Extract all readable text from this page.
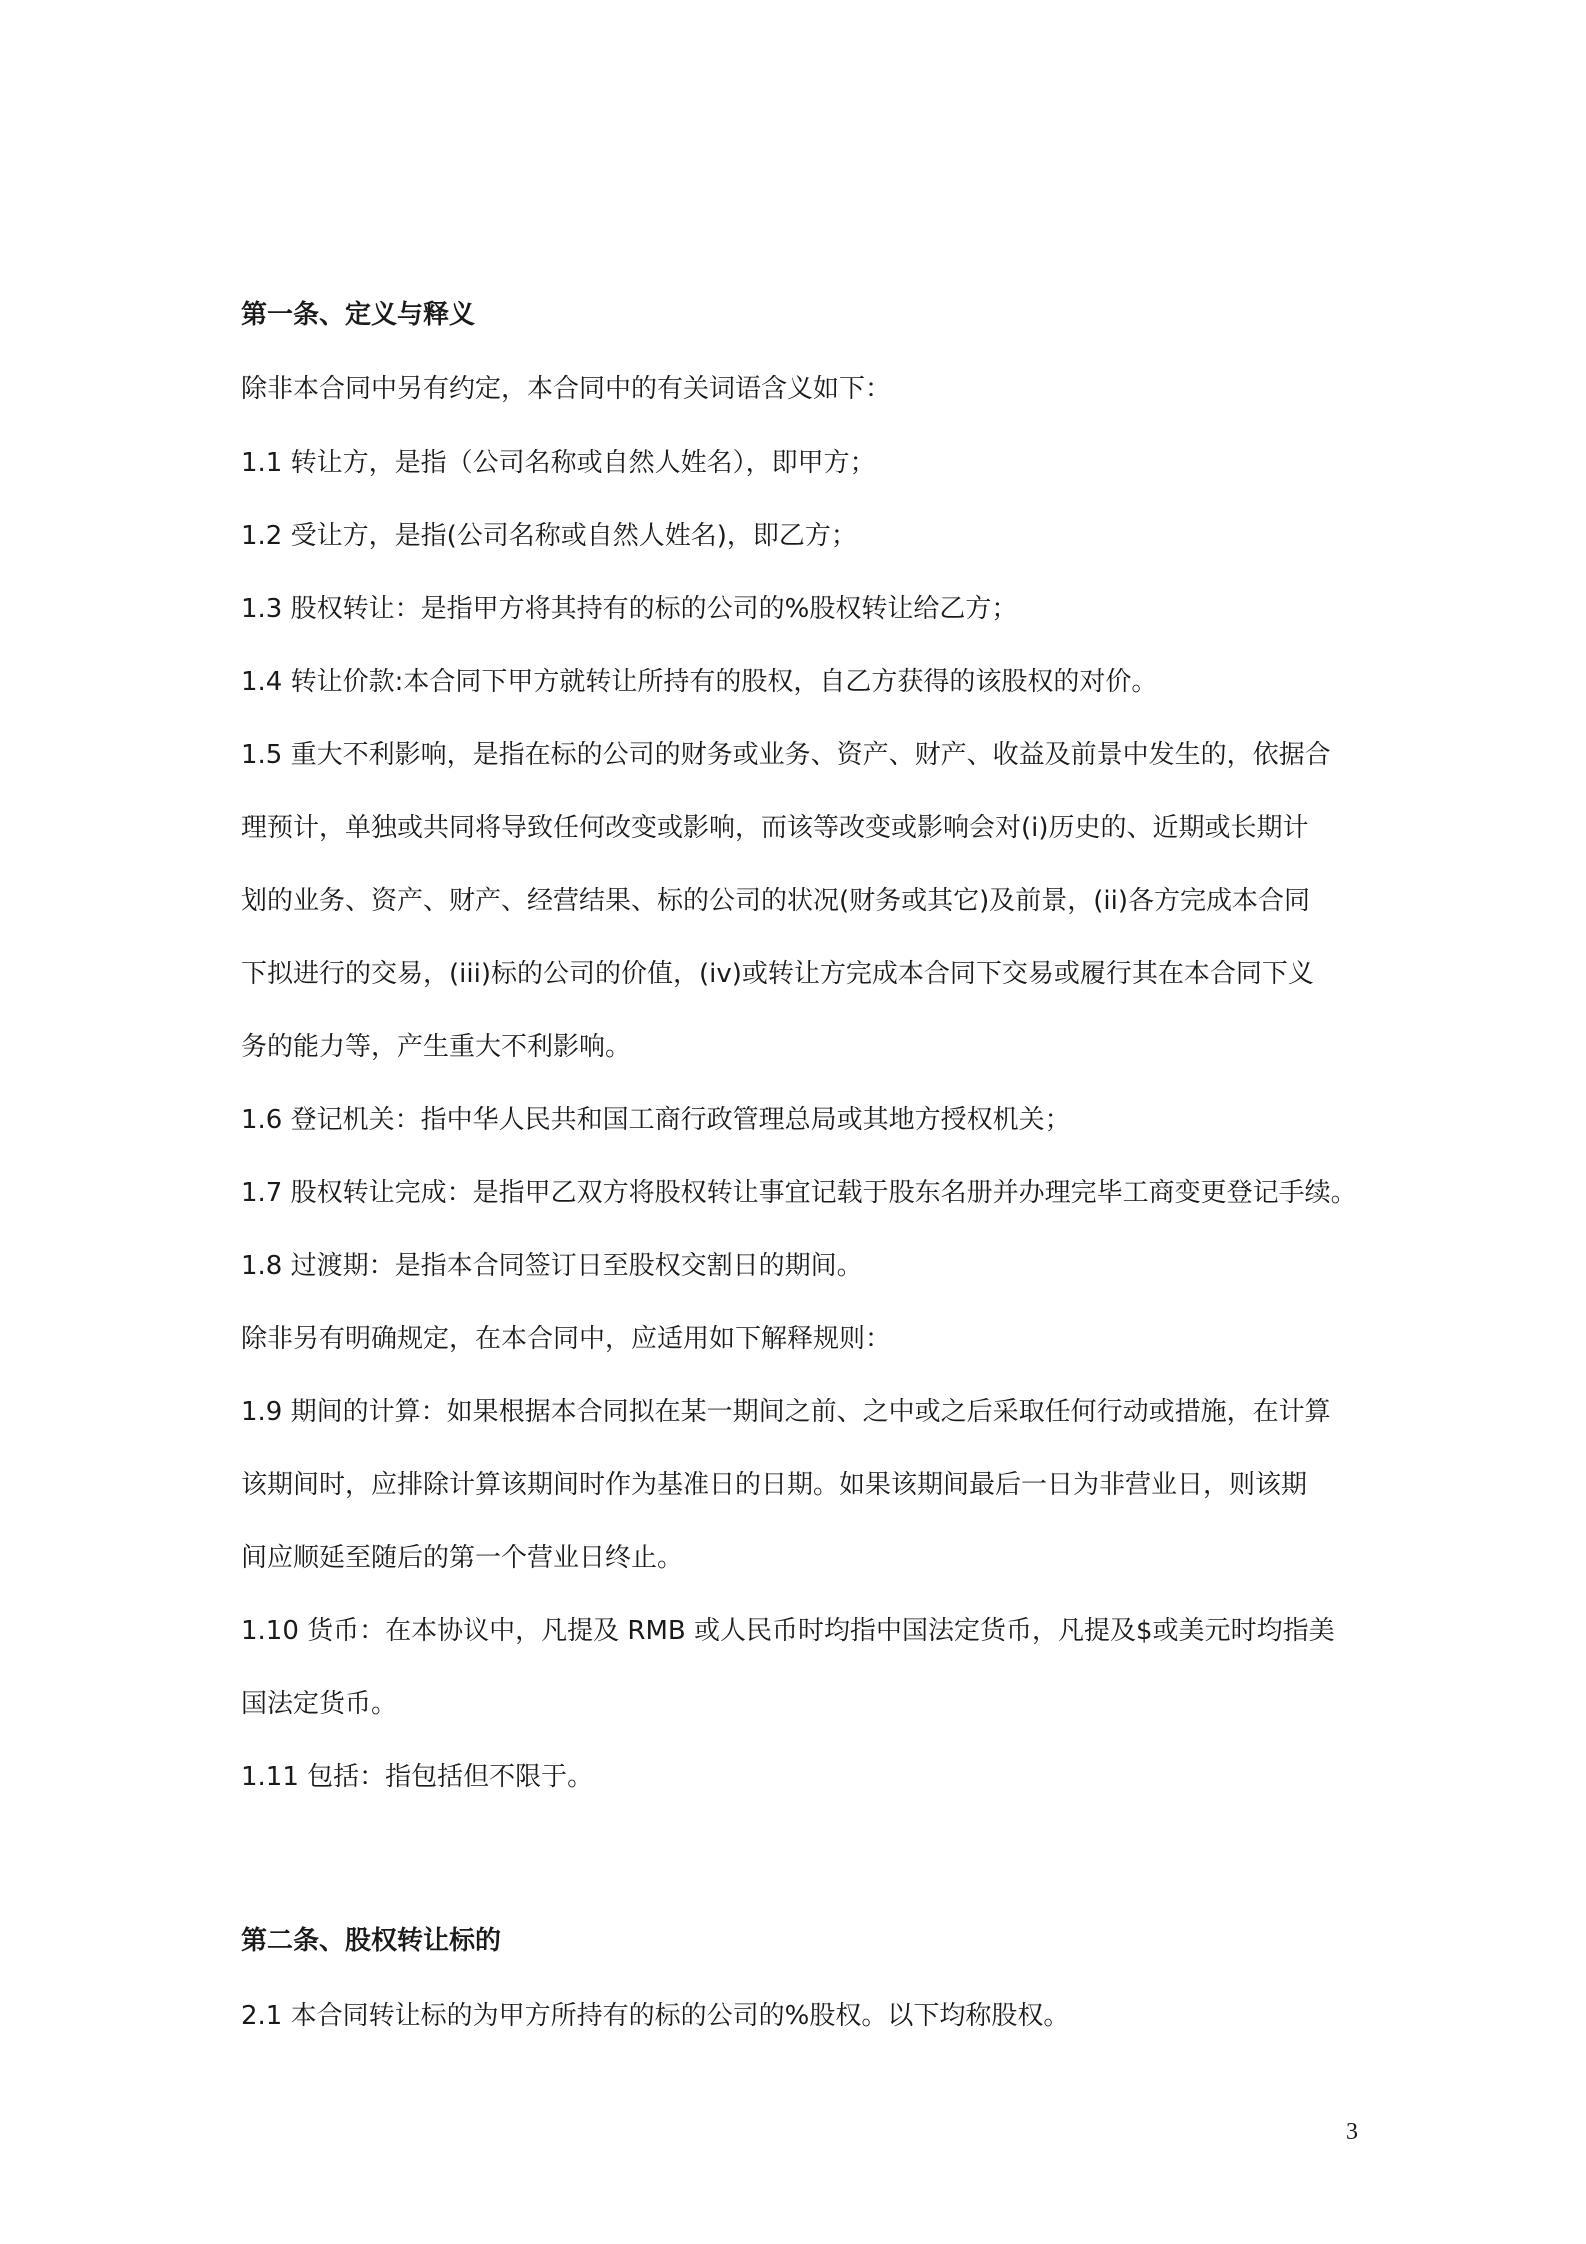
第一条、定义与释义
除非本合同中另有约定，本合同中的有关词语含义如下：
1.1 转让方，是指（公司名称或自然人姓名），即甲方；
1.2 受让方，是指(公司名称或自然人姓名)，即乙方；
1.3 股权转让：是指甲方将其持有的标的公司的%股权转让给乙方；
1.4 转让价款:本合同下甲方就转让所持有的股权，自乙方获得的该股权的对价。
1.5 重大不利影响，是指在标的公司的财务或业务、资产、财产、收益及前景中发生的，依据合
理预计，单独或共同将导致任何改变或影响，而该等改变或影响会对(i)历史的、近期或长期计
划的业务、资产、财产、经营结果、标的公司的状况(财务或其它)及前景，(ii)各方完成本合同
下拟进行的交易，(iii)标的公司的价值，(iv)或转让方完成本合同下交易或履行其在本合同下义
务的能力等，产生重大不利影响。
1.6 登记机关：指中华人民共和国工商行政管理总局或其地方授权机关；
1.7 股权转让完成：是指甲乙双方将股权转让事宜记载于股东名册并办理完毕工商变更登记手续。
1.8 过渡期：是指本合同签订日至股权交割日的期间。
除非另有明确规定，在本合同中，应适用如下解释规则：
1.9 期间的计算：如果根据本合同拟在某一期间之前、之中或之后采取任何行动或措施，在计算
该期间时，应排除计算该期间时作为基准日的日期。如果该期间最后一日为非营业日，则该期
间应顺延至随后的第一个营业日终止。
1.10 货币：在本协议中，凡提及 RMB 或人民币时均指中国法定货币，凡提及$或美元时均指美
国法定货币。
1.11 包括：指包括但不限于。
第二条、股权转让标的
2.1 本合同转让标的为甲方所持有的标的公司的%股权。以下均称股权。
3
